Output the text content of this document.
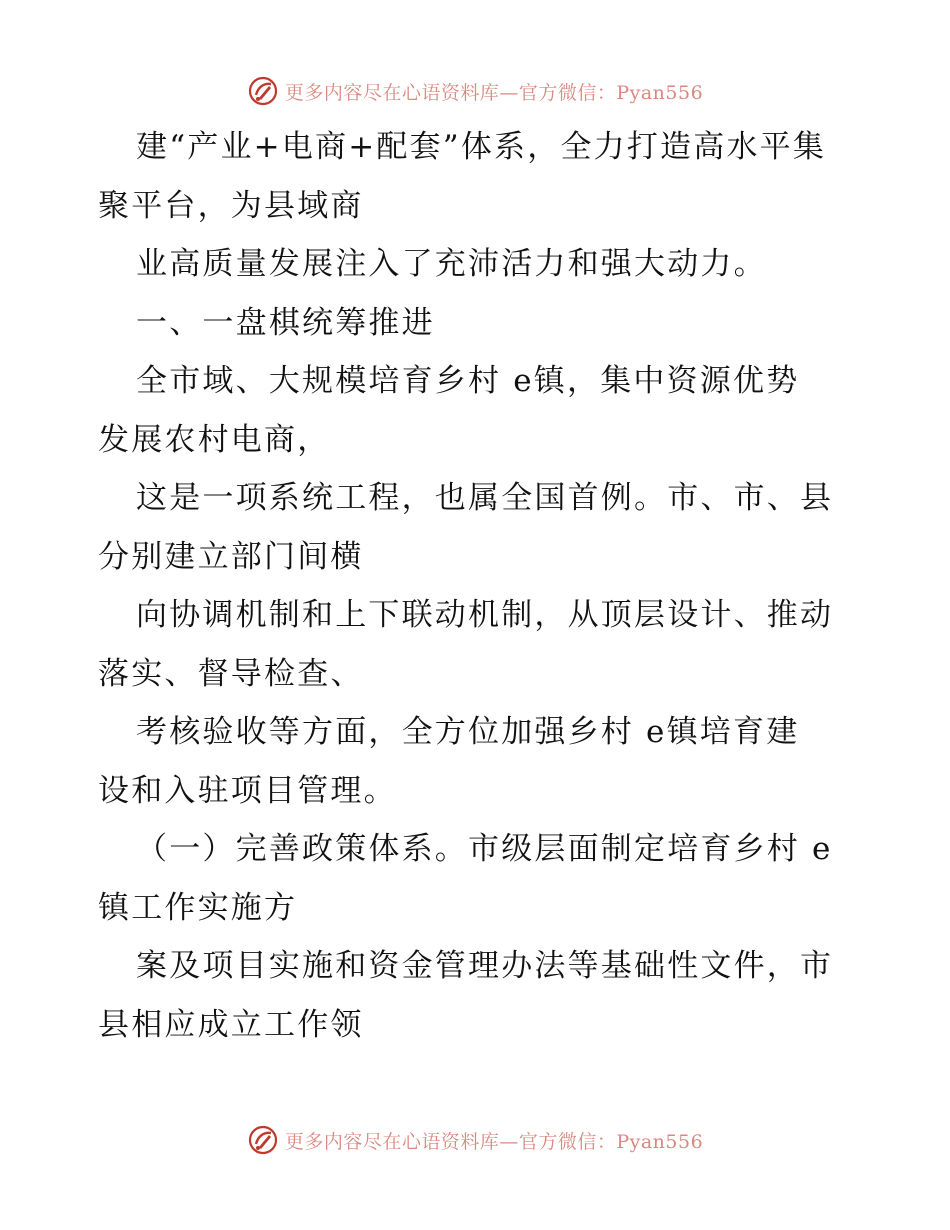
更多内容尽在心语资料库—官方微信：Pyan556

建“产业+电商+配套”体系，全力打造高水平集
聚平台，为县域商

业高质量发展注入了充沛活力和强大动力。

一、一盘棋统筹推进

全市域、大规模培育乡村 e镇，集中资源优势
发展农村电商，

这是一项系统工程，也属全国首例。市、市、县
分别建立部门间横

向协调机制和上下联动机制，从顶层设计、推动
落实、督导检查、

考核验收等方面，全方位加强乡村 e镇培育建
设和入驻项目管理。

（一）完善政策体系。市级层面制定培育乡村 e
镇工作实施方

案及项目实施和资金管理办法等基础性文件，市
县相应成立工作领

更多内容尽在心语资料库—官方微信：Pyan556
